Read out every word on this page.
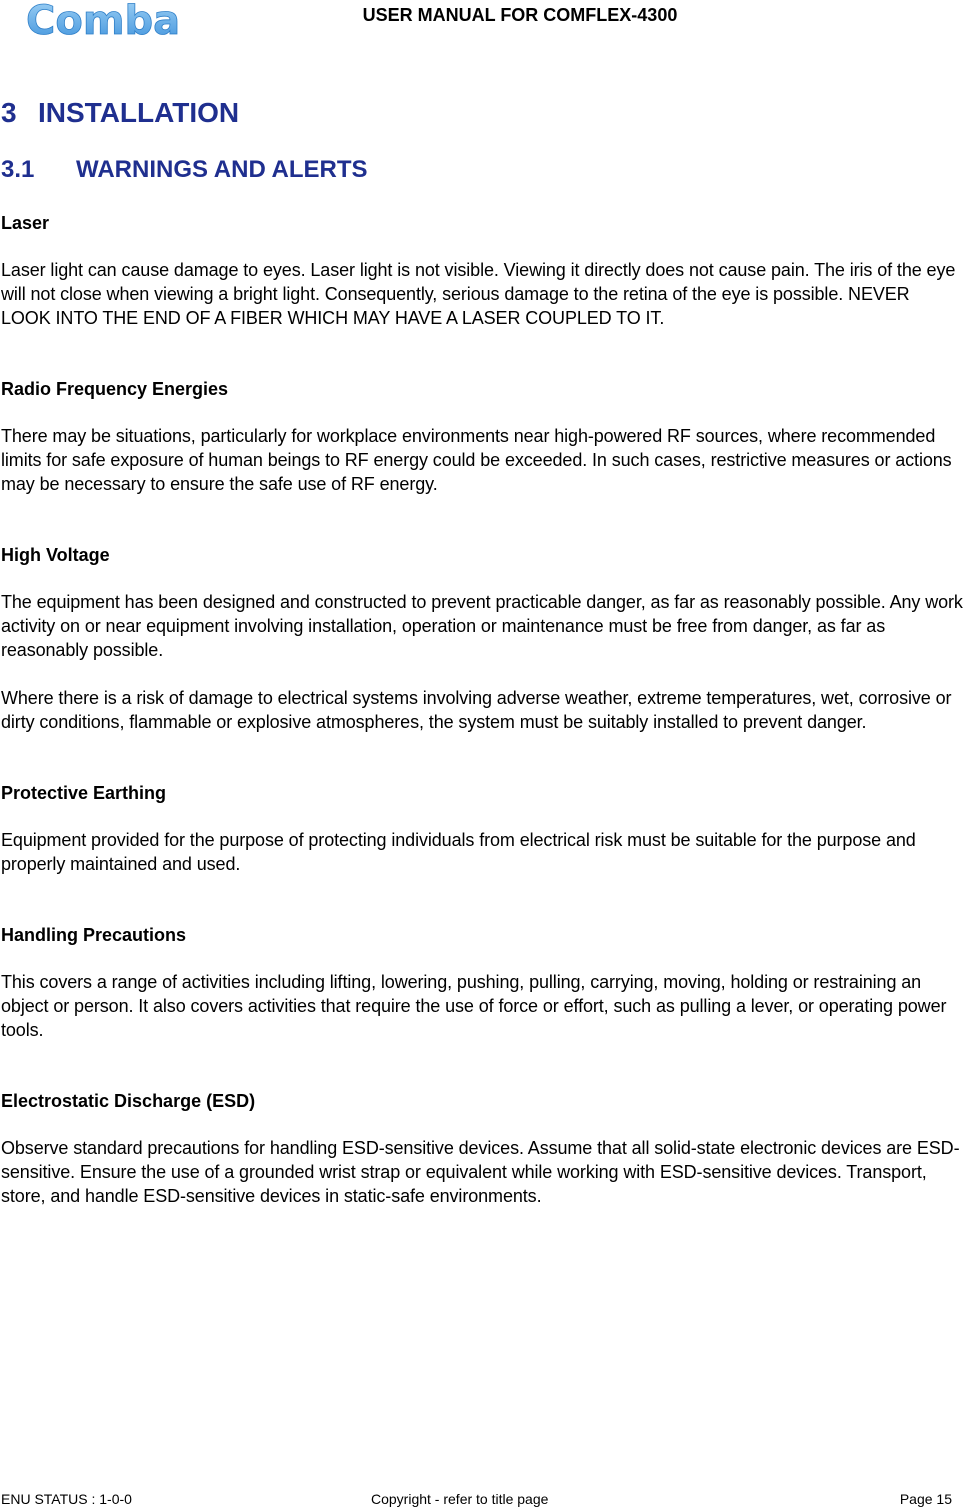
Comba	USER MANUAL FOR COMFLEX-4300
3 INSTALLATION
3.1 WARNINGS AND ALERTS

Laser

Laser light can cause damage to eyes. Laser light is not visible. Viewing it directly does not cause pain. The iris of the eye will not close when viewing a bright light. Consequently, serious damage to the retina of the eye is possible. NEVER LOOK INTO THE END OF A FIBER WHICH MAY HAVE A LASER COUPLED TO IT.

Radio Frequency Energies

There may be situations, particularly for workplace environments near high-powered RF sources, where recommended limits for safe exposure of human beings to RF energy could be exceeded. In such cases, restrictive measures or actions may be necessary to ensure the safe use of RF energy.

High Voltage

The equipment has been designed and constructed to prevent practicable danger, as far as reasonably possible. Any work activity on or near equipment involving installation, operation or maintenance must be free from danger, as far as reasonably possible.

Where there is a risk of damage to electrical systems involving adverse weather, extreme temperatures, wet, corrosive or dirty conditions, flammable or explosive atmospheres, the system must be suitably installed to prevent danger.

Protective Earthing

Equipment provided for the purpose of protecting individuals from electrical risk must be suitable for the purpose and properly maintained and used.

Handling Precautions

This covers a range of activities including lifting, lowering, pushing, pulling, carrying, moving, holding or restraining an object or person. It also covers activities that require the use of force or effort, such as pulling a lever, or operating power tools.

Electrostatic Discharge (ESD)

Observe standard precautions for handling ESD-sensitive devices. Assume that all solid-state electronic devices are ESD-sensitive. Ensure the use of a grounded wrist strap or equivalent while working with ESD-sensitive devices. Transport, store, and handle ESD-sensitive devices in static-safe environments.

ENU STATUS : 1-0-0	Copyright - refer to title page	Page 15
